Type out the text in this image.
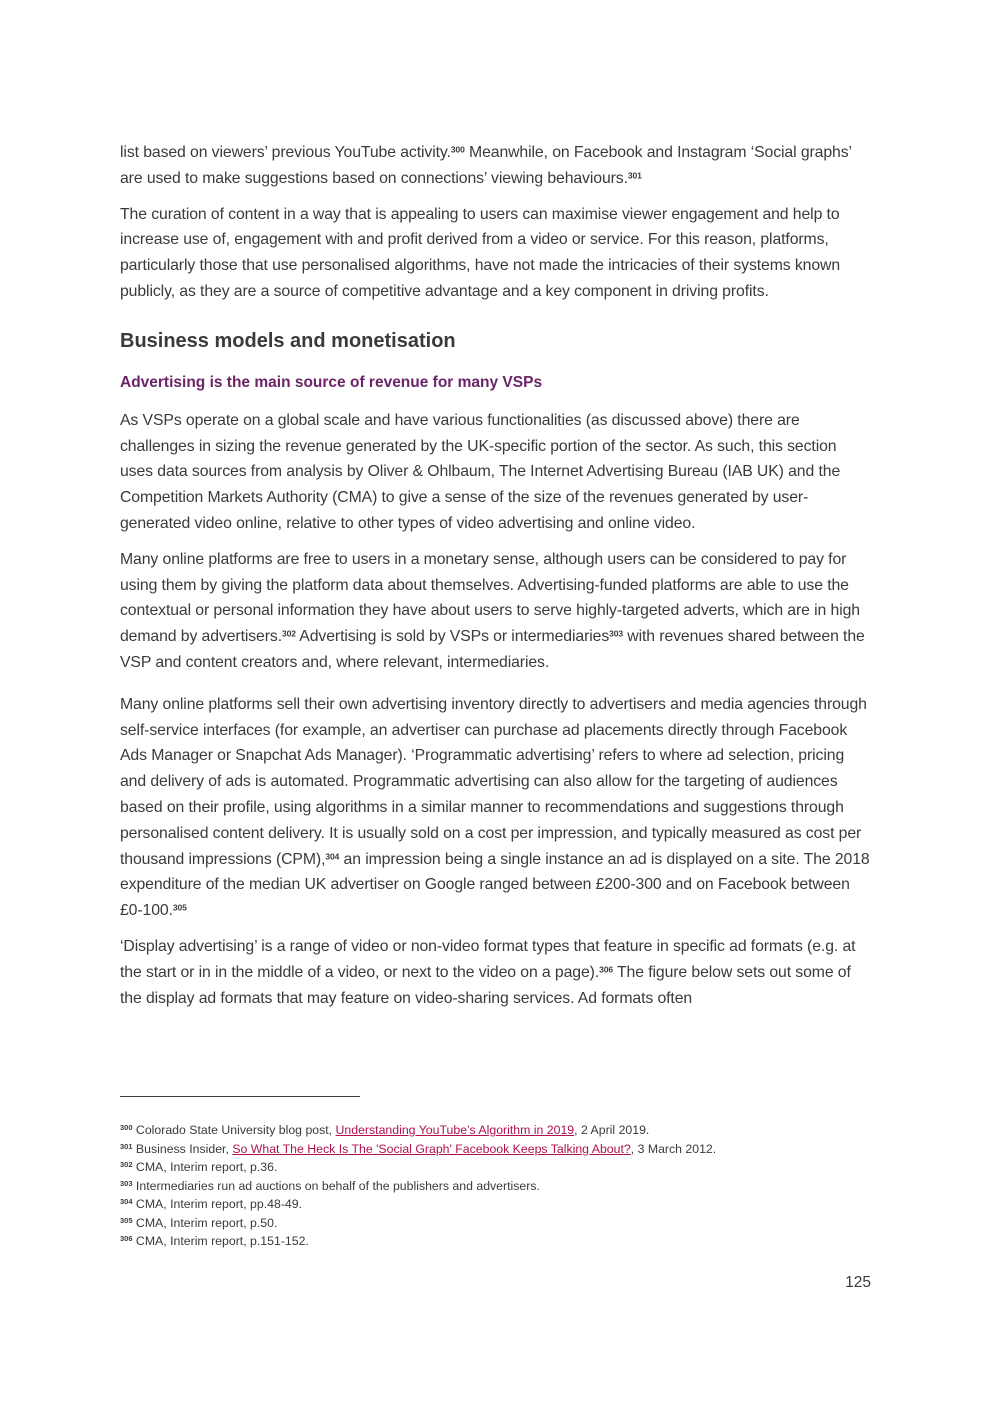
list based on viewers’ previous YouTube activity.$^{300}$ Meanwhile, on Facebook and Instagram ‘Social graphs’ are used to make suggestions based on connections’ viewing behaviours.$^{301}$

The curation of content in a way that is appealing to users can maximise viewer engagement and help to increase use of, engagement with and profit derived from a video or service. For this reason, platforms, particularly those that use personalised algorithms, have not made the intricacies of their systems known publicly, as they are a source of competitive advantage and a key component in driving profits.

Business models and monetisation
Advertising is the main source of revenue for many VSPs

As VSPs operate on a global scale and have various functionalities (as discussed above) there are challenges in sizing the revenue generated by the UK-specific portion of the sector. As such, this section uses data sources from analysis by Oliver & Ohlbaum, The Internet Advertising Bureau (IAB UK) and the Competition Markets Authority (CMA) to give a sense of the size of the revenues generated by user-generated video online, relative to other types of video advertising and online video.

Many online platforms are free to users in a monetary sense, although users can be considered to pay for using them by giving the platform data about themselves. Advertising-funded platforms are able to use the contextual or personal information they have about users to serve highly-targeted adverts, which are in high demand by advertisers.$^{302}$ Advertising is sold by VSPs or intermediaries$^{303}$ with revenues shared between the VSP and content creators and, where relevant, intermediaries.

Many online platforms sell their own advertising inventory directly to advertisers and media agencies through self-service interfaces (for example, an advertiser can purchase ad placements directly through Facebook Ads Manager or Snapchat Ads Manager). ‘Programmatic advertising’ refers to where ad selection, pricing and delivery of ads is automated. Programmatic advertising can also allow for the targeting of audiences based on their profile, using algorithms in a similar manner to recommendations and suggestions through personalised content delivery. It is usually sold on a cost per impression, and typically measured as cost per thousand impressions (CPM),$^{304}$ an impression being a single instance an ad is displayed on a site. The 2018 expenditure of the median UK advertiser on Google ranged between £200-300 and on Facebook between £0-100.$^{305}$

‘Display advertising’ is a range of video or non-video format types that feature in specific ad formats (e.g. at the start or in in the middle of a video, or next to the video on a page).$^{306}$ The figure below sets out some of the display ad formats that may feature on video-sharing services. Ad formats often

$^{300}$ Colorado State University blog post, Understanding YouTube’s Algorithm in 2019, 2 April 2019.
$^{301}$ Business Insider, So What The Heck Is The 'Social Graph' Facebook Keeps Talking About?, 3 March 2012.
$^{302}$ CMA, Interim report, p.36.
$^{303}$ Intermediaries run ad auctions on behalf of the publishers and advertisers.
$^{304}$ CMA, Interim report, pp.48-49.
$^{305}$ CMA, Interim report, p.50.
$^{306}$ CMA, Interim report, p.151-152.
125
